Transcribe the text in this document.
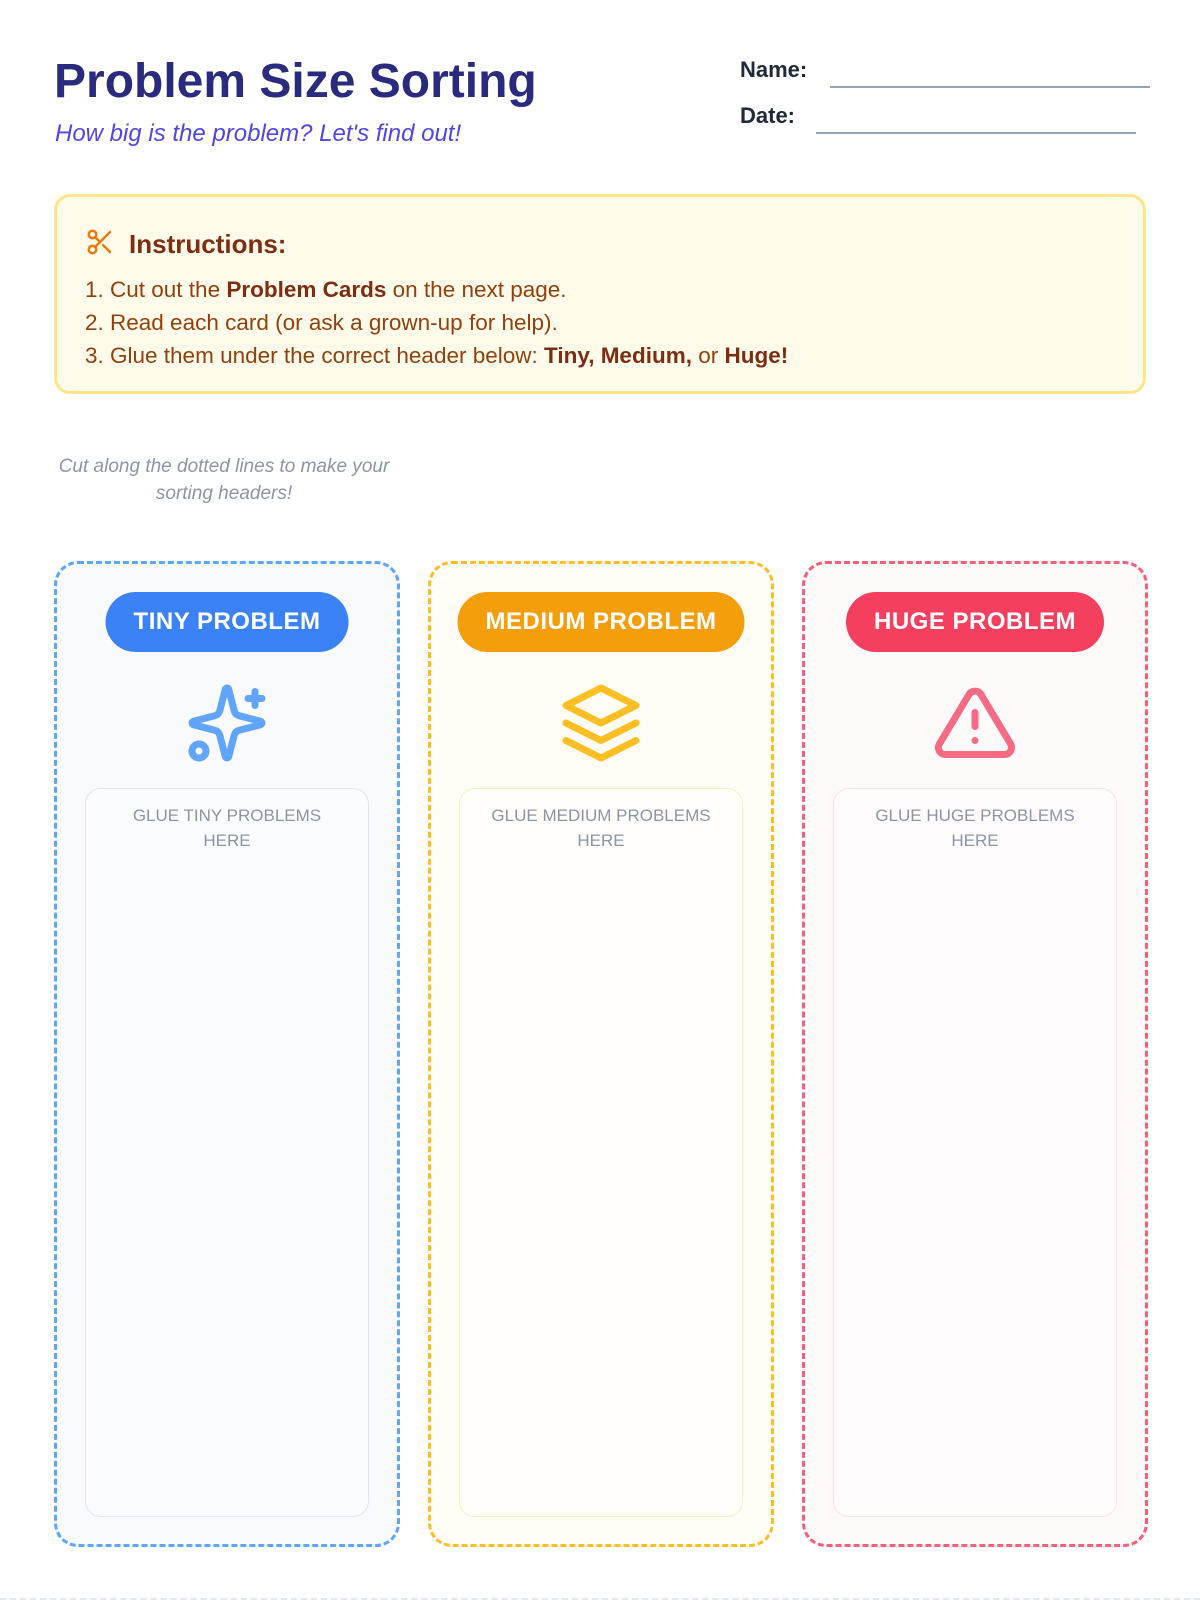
Problem Size Sorting

How big is the problem? Let's find out!

Name:
Date:
Instructions:
1. Cut out the Problem Cards on the next page.
2. Read each card (or ask a grown-up for help).
3. Glue them under the correct header below: Tiny, Medium, or Huge!

Cut along the dotted lines to make your sorting headers!

TINY PROBLEM
GLUE TINY PROBLEMS HERE
MEDIUM PROBLEM
GLUE MEDIUM PROBLEMS HERE
HUGE PROBLEM
GLUE HUGE PROBLEMS HERE
